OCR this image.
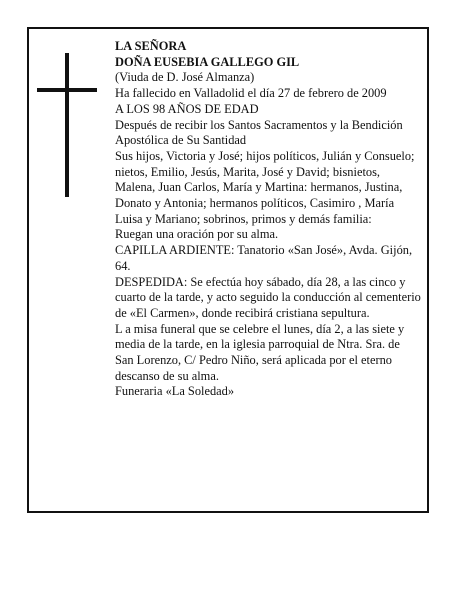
LA SEÑORA

DOÑA EUSEBIA GALLEGO GIL

(Viuda de D. José Almanza)

Ha fallecido en Valladolid el día 27 de febrero de 2009

A LOS 98 AÑOS DE EDAD

Después de recibir los Santos Sacramentos y la Bendición Apostólica de Su Santidad

Sus hijos, Victoria y José; hijos políticos, Julián y Consuelo; nietos, Emilio, Jesús, Marita, José y David; bisnietos, Malena, Juan Carlos, María y Martina: hermanos, Justina, Donato y Antonia; hermanos políticos, Casimiro , María Luisa y Mariano; sobrinos, primos y demás familia:

Ruegan una oración por su alma.

CAPILLA ARDIENTE: Tanatorio «San José», Avda. Gijón, 64.

DESPEDIDA: Se efectúa hoy sábado, día 28, a las cinco y cuarto de la tarde, y acto seguido la conducción al cementerio de «El Carmen», donde recibirá cristiana sepultura.

L a misa funeral que se celebre el lunes, día 2, a las siete y media de la tarde, en la iglesia parroquial de Ntra. Sra. de San Lorenzo, C/ Pedro Niño, será aplicada por el eterno descanso de su alma.

Funeraria «La Soledad»
